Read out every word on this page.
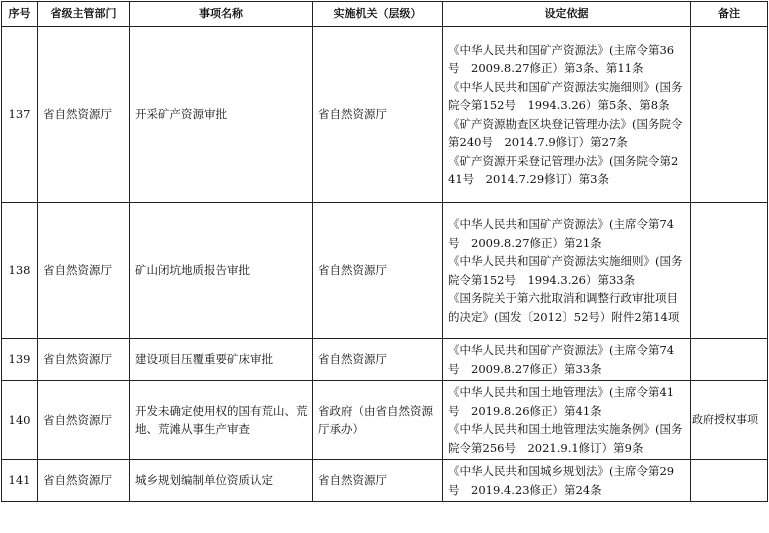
序号	省级主管部门	事项名称	实施机关（层级）	设定依据	备注
137	省自然资源厅	开采矿产资源审批	省自然资源厅	《中华人民共和国矿产资源法》(主席令第36号　2009.8.27修正）第3条、第11条
《中华人民共和国矿产资源法实施细则》(国务院令第152号　1994.3.26）第5条、第8条
《矿产资源勘查区块登记管理办法》(国务院令第240号　2014.7.9修订）第27条
《矿产资源开采登记管理办法》(国务院令第241号　2014.7.29修订）第3条	

138	省自然资源厅	矿山闭坑地质报告审批	省自然资源厅	《中华人民共和国矿产资源法》(主席令第74号　2009.8.27修正）第21条
《中华人民共和国矿产资源法实施细则》(国务院令第152号　1994.3.26）第33条
《国务院关于第六批取消和调整行政审批项目的决定》(国发〔2012〕52号）附件2第14项	

139	省自然资源厅	建设项目压覆重要矿床审批	省自然资源厅	《中华人民共和国矿产资源法》(主席令第74号　2009.8.27修正）第33条	

140	省自然资源厅	开发未确定使用权的国有荒山、荒地、荒滩从事生产审查	省政府（由省自然资源厅承办）	《中华人民共和国土地管理法》(主席令第41号　2019.8.26修正）第41条
《中华人民共和国土地管理法实施条例》(国务院令第256号　2021.9.1修订）第9条	政府授权事项
141	省自然资源厅	城乡规划编制单位资质认定	省自然资源厅	《中华人民共和国城乡规划法》(主席令第29号　2019.4.23修正）第24条	
